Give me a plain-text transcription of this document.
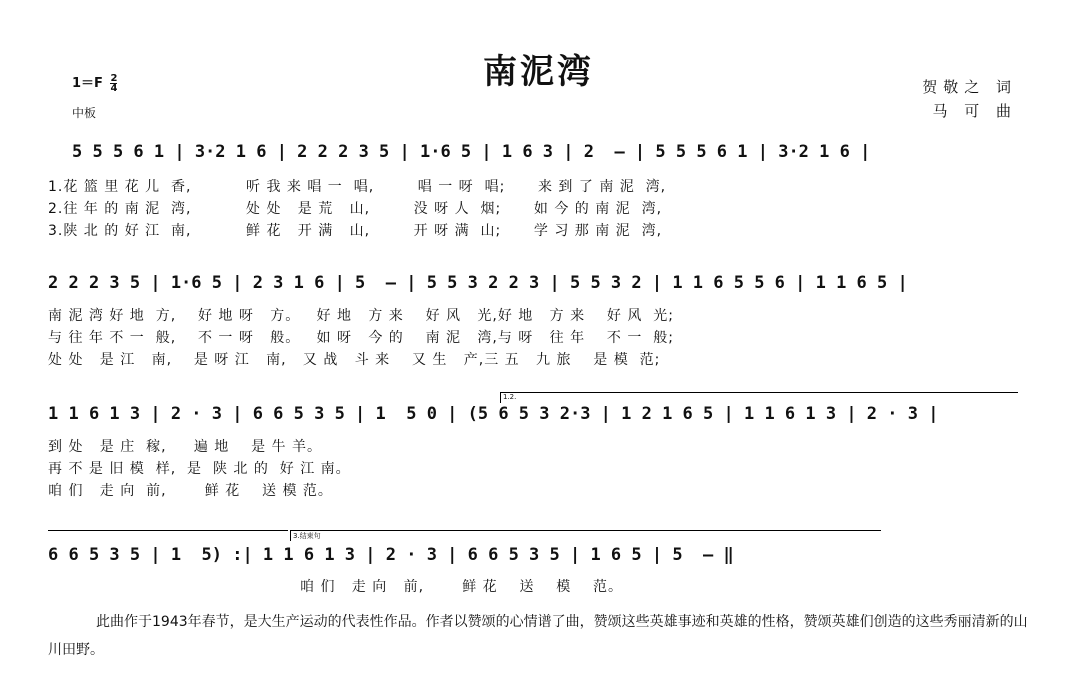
南泥湾
$1=F \frac{2}{4}$
中板
贺敬之 词
马 可 曲
5 5 5 6 1 | 3·2 1 6 | 2 2 2 3 5 | 1·6 5 | 1 6 3 | 2  – | 5 5 5 6 1 | 3·2 1 6 |
1.花 篮 里 花 儿  香,          听 我 来 唱 一  唱,        唱 一 呀  唱;      来 到 了 南 泥  湾,
2.往 年 的 南 泥  湾,          处 处   是 荒   山,        没 呀 人  烟;      如 今 的 南 泥  湾,
3.陕 北 的 好 江  南,          鲜 花   开 满   山,        开 呀 满  山;      学 习 那 南 泥  湾,
2 2 2 3 5 | 1·6 5 | 2 3 1 6 | 5  – | 5 5 3 2 2 3 | 5 5 3 2 | 1 1 6 5 5 6 | 1 1 6 5 |
南 泥 湾 好 地  方,    好 地 呀   方。   好 地   方 来    好 风   光,好 地   方 来    好 风  光;
与 往 年 不 一  般,    不 一 呀   般。   如 呀   今 的    南 泥   湾,与 呀   往 年    不 一  般;
处 处   是 江   南,    是 呀 江   南,   又 战   斗 来    又 生   产,三 五   九 旅    是 模  范;
1.2.
1 1 6 1 3 | 2 · 3 | 6 6 5 3 5 | 1  5 0 | (5 6 5 3 2·3 | 1 2 1 6 5 | 1 1 6 1 3 | 2 · 3 |
到 处   是 庄  稼,     遍 地    是 牛 羊。
再 不 是 旧 模  样,  是  陕 北 的  好 江 南。
咱 们   走 向  前,       鲜 花    送 模 范。
3.结束句
6 6 5 3 5 | 1  5) :| 1 1 6 1 3 | 2 · 3 | 6 6 5 3 5 | 1 6 5 | 5  – ‖
咱 们   走 向   前,       鲜 花    送    模    范。
此曲作于1943年春节，是大生产运动的代表性作品。作者以赞颂的心情谱了曲，赞颂这些英雄事迹和英雄的性格，赞颂英雄们创造的这些秀丽清新的山川田野。
